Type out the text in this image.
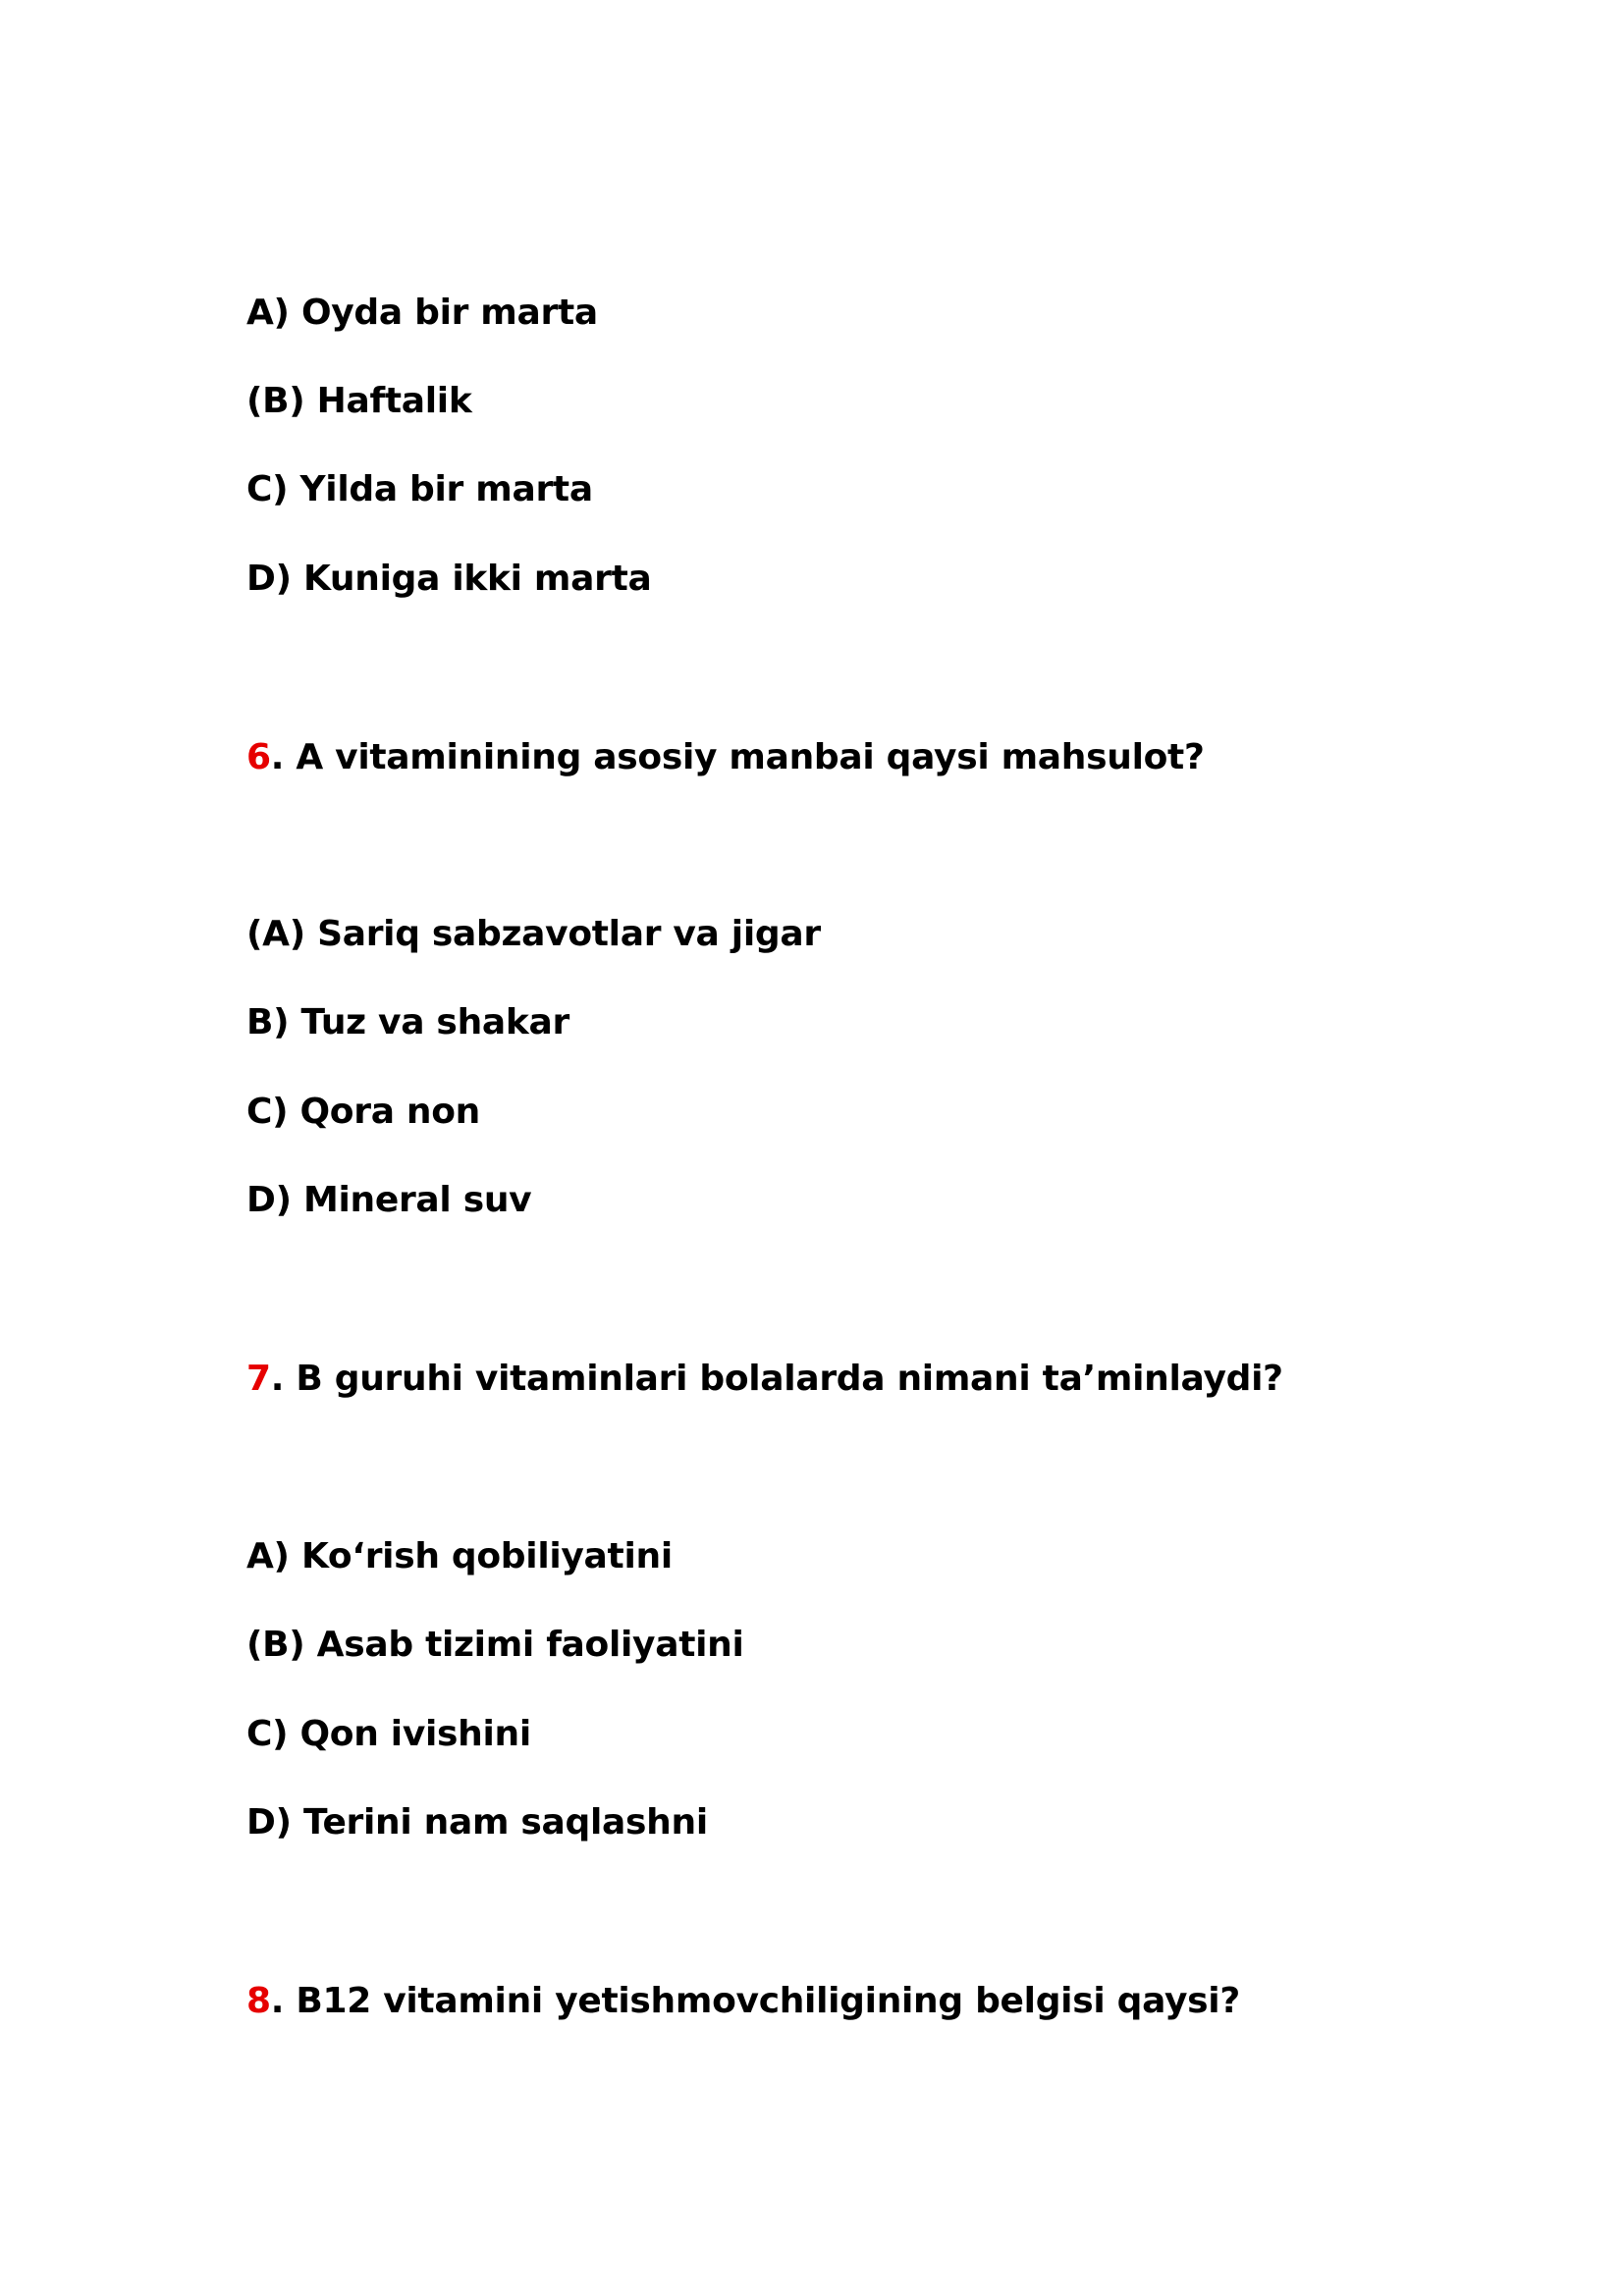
A) Oyda bir marta
(B) Haftalik
C) Yilda bir marta
D) Kuniga ikki marta
6. A vitaminining asosiy manbai qaysi mahsulot?
(A) Sariq sabzavotlar va jigar
B) Tuz va shakar
C) Qora non
D) Mineral suv
7. B guruhi vitaminlari bolalarda nimani ta’minlaydi?
A) Ko‘rish qobiliyatini
(B) Asab tizimi faoliyatini
C) Qon ivishini
D) Terini nam saqlashni
8. B12 vitamini yetishmovchiligining belgisi qaysi?
